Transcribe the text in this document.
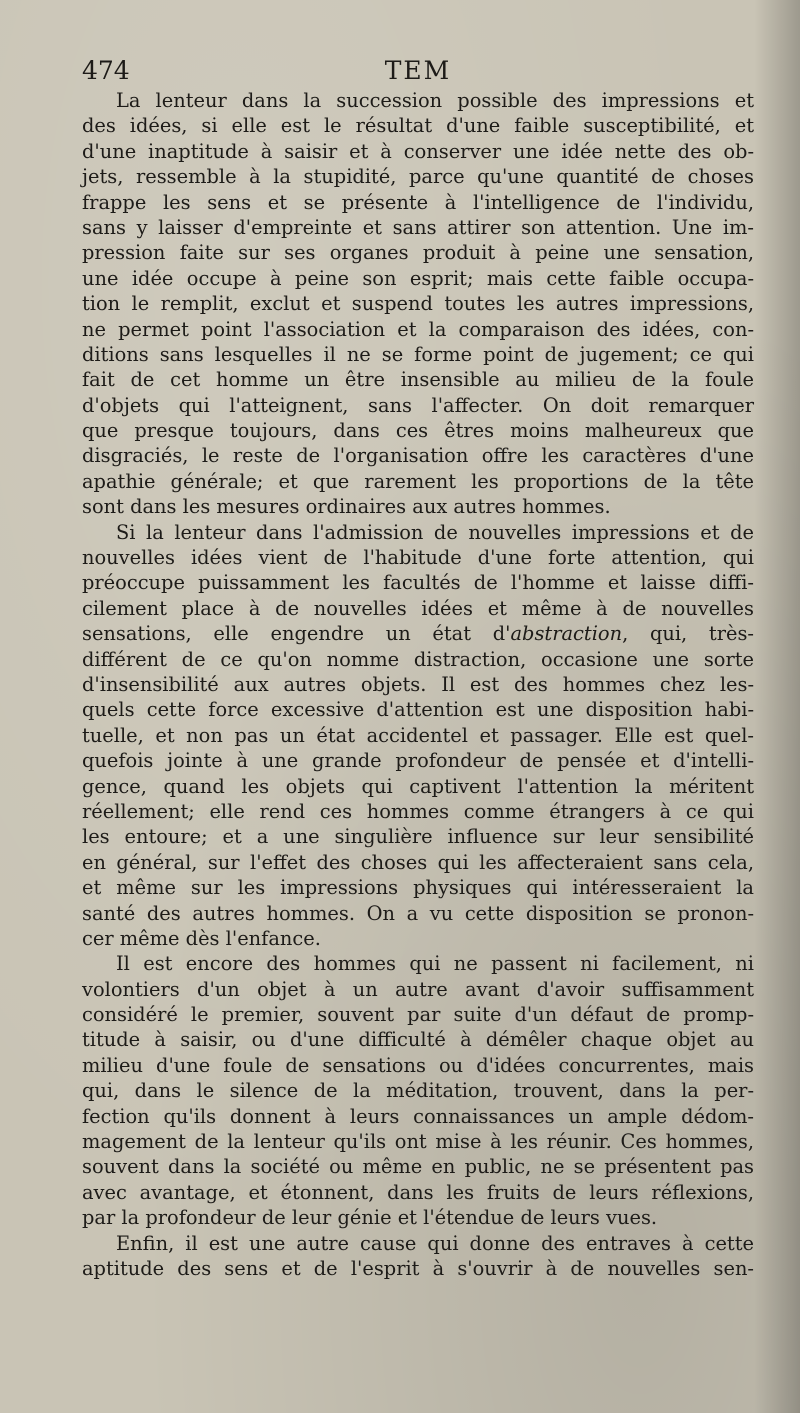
474	TEM
La lenteur dans la succession possible des impressions et
des idées, si elle est le résultat d'une faible susceptibilité, et
d'une inaptitude à saisir et à conserver une idée nette des ob-
jets, ressemble à la stupidité, parce qu'une quantité de choses
frappe les sens et se présente à l'intelligence de l'individu,
sans y laisser d'empreinte et sans attirer son attention. Une im-
pression faite sur ses organes produit à peine une sensation,
une idée occupe à peine son esprit; mais cette faible occupa-
tion le remplit, exclut et suspend toutes les autres impressions,
ne permet point l'association et la comparaison des idées, con-
ditions sans lesquelles il ne se forme point de jugement; ce qui
fait de cet homme un être insensible au milieu de la foule
d'objets qui l'atteignent, sans l'affecter. On doit remarquer
que presque toujours, dans ces êtres moins malheureux que
disgraciés, le reste de l'organisation offre les caractères d'une
apathie générale; et que rarement les proportions de la tête
sont dans les mesures ordinaires aux autres hommes.
Si la lenteur dans l'admission de nouvelles impressions et de
nouvelles idées vient de l'habitude d'une forte attention, qui
préoccupe puissamment les facultés de l'homme et laisse diffi-
cilement place à de nouvelles idées et même à de nouvelles
sensations, elle engendre un état d'abstraction, qui, très-
différent de ce qu'on nomme distraction, occasione une sorte
d'insensibilité aux autres objets. Il est des hommes chez les-
quels cette force excessive d'attention est une disposition habi-
tuelle, et non pas un état accidentel et passager. Elle est quel-
quefois jointe à une grande profondeur de pensée et d'intelli-
gence, quand les objets qui captivent l'attention la méritent
réellement; elle rend ces hommes comme étrangers à ce qui
les entoure; et a une singulière influence sur leur sensibilité
en général, sur l'effet des choses qui les affecteraient sans cela,
et même sur les impressions physiques qui intéresseraient la
santé des autres hommes. On a vu cette disposition se pronon-
cer même dès l'enfance.
Il est encore des hommes qui ne passent ni facilement, ni
volontiers d'un objet à un autre avant d'avoir suffisamment
considéré le premier, souvent par suite d'un défaut de promp-
titude à saisir, ou d'une difficulté à démêler chaque objet au
milieu d'une foule de sensations ou d'idées concurrentes, mais
qui, dans le silence de la méditation, trouvent, dans la per-
fection qu'ils donnent à leurs connaissances un ample dédom-
magement de la lenteur qu'ils ont mise à les réunir. Ces hommes,
souvent dans la société ou même en public, ne se présentent pas
avec avantage, et étonnent, dans les fruits de leurs réflexions,
par la profondeur de leur génie et l'étendue de leurs vues.
Enfin, il est une autre cause qui donne des entraves à cette
aptitude des sens et de l'esprit à s'ouvrir à de nouvelles sen-
